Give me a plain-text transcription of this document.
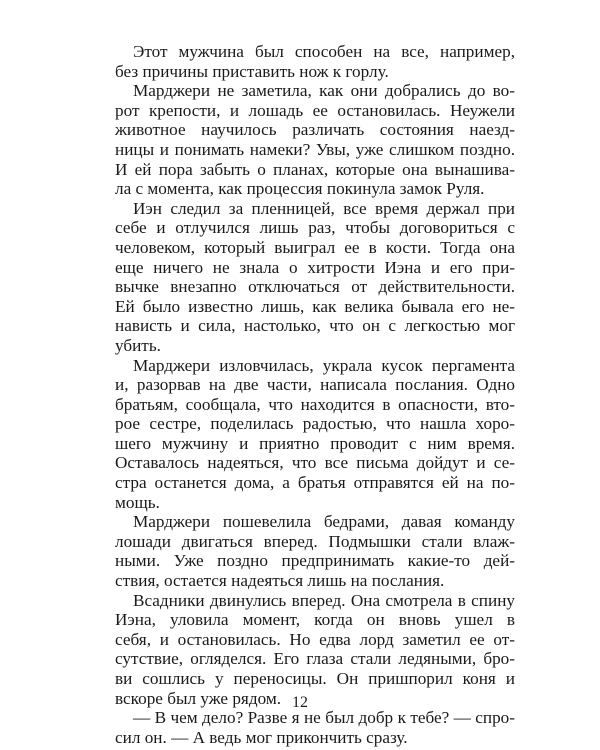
Этот мужчина был способен на все, например,
без причины приставить нож к горлу.
Марджери не заметила, как они добрались до во-
рот крепости, и лошадь ее остановилась. Неужели
животное научилось различать состояния наезд-
ницы и понимать намеки? Увы, уже слишком поздно.
И ей пора забыть о планах, которые она вынашива-
ла с момента, как процессия покинула замок Руля.
Иэн следил за пленницей, все время держал при
себе и отлучился лишь раз, чтобы договориться с
человеком, который выиграл ее в кости. Тогда она
еще ничего не знала о хитрости Иэна и его при-
вычке внезапно отключаться от действительности.
Ей было известно лишь, как велика бывала его не-
нависть и сила, настолько, что он с легкостью мог
убить.
Марджери изловчилась, украла кусок пергамента
и, разорвав на две части, написала послания. Одно
братьям, сообщала, что находится в опасности, вто-
рое сестре, поделилась радостью, что нашла хоро-
шего мужчину и приятно проводит с ним время.
Оставалось надеяться, что все письма дойдут и се-
стра останется дома, а братья отправятся ей на по-
мощь.
Марджери пошевелила бедрами, давая команду
лошади двигаться вперед. Подмышки стали влаж-
ными. Уже поздно предпринимать какие-то дей-
ствия, остается надеяться лишь на послания.
Всадники двинулись вперед. Она смотрела в спину
Иэна, уловила момент, когда он вновь ушел в
себя, и остановилась. Но едва лорд заметил ее от-
сутствие, огляделся. Его глаза стали ледяными, бро-
ви сошлись у переносицы. Он пришпорил коня и
вскоре был уже рядом.
— В чем дело? Разве я не был добр к тебе? — спро-
сил он. — А ведь мог прикончить сразу.
12
